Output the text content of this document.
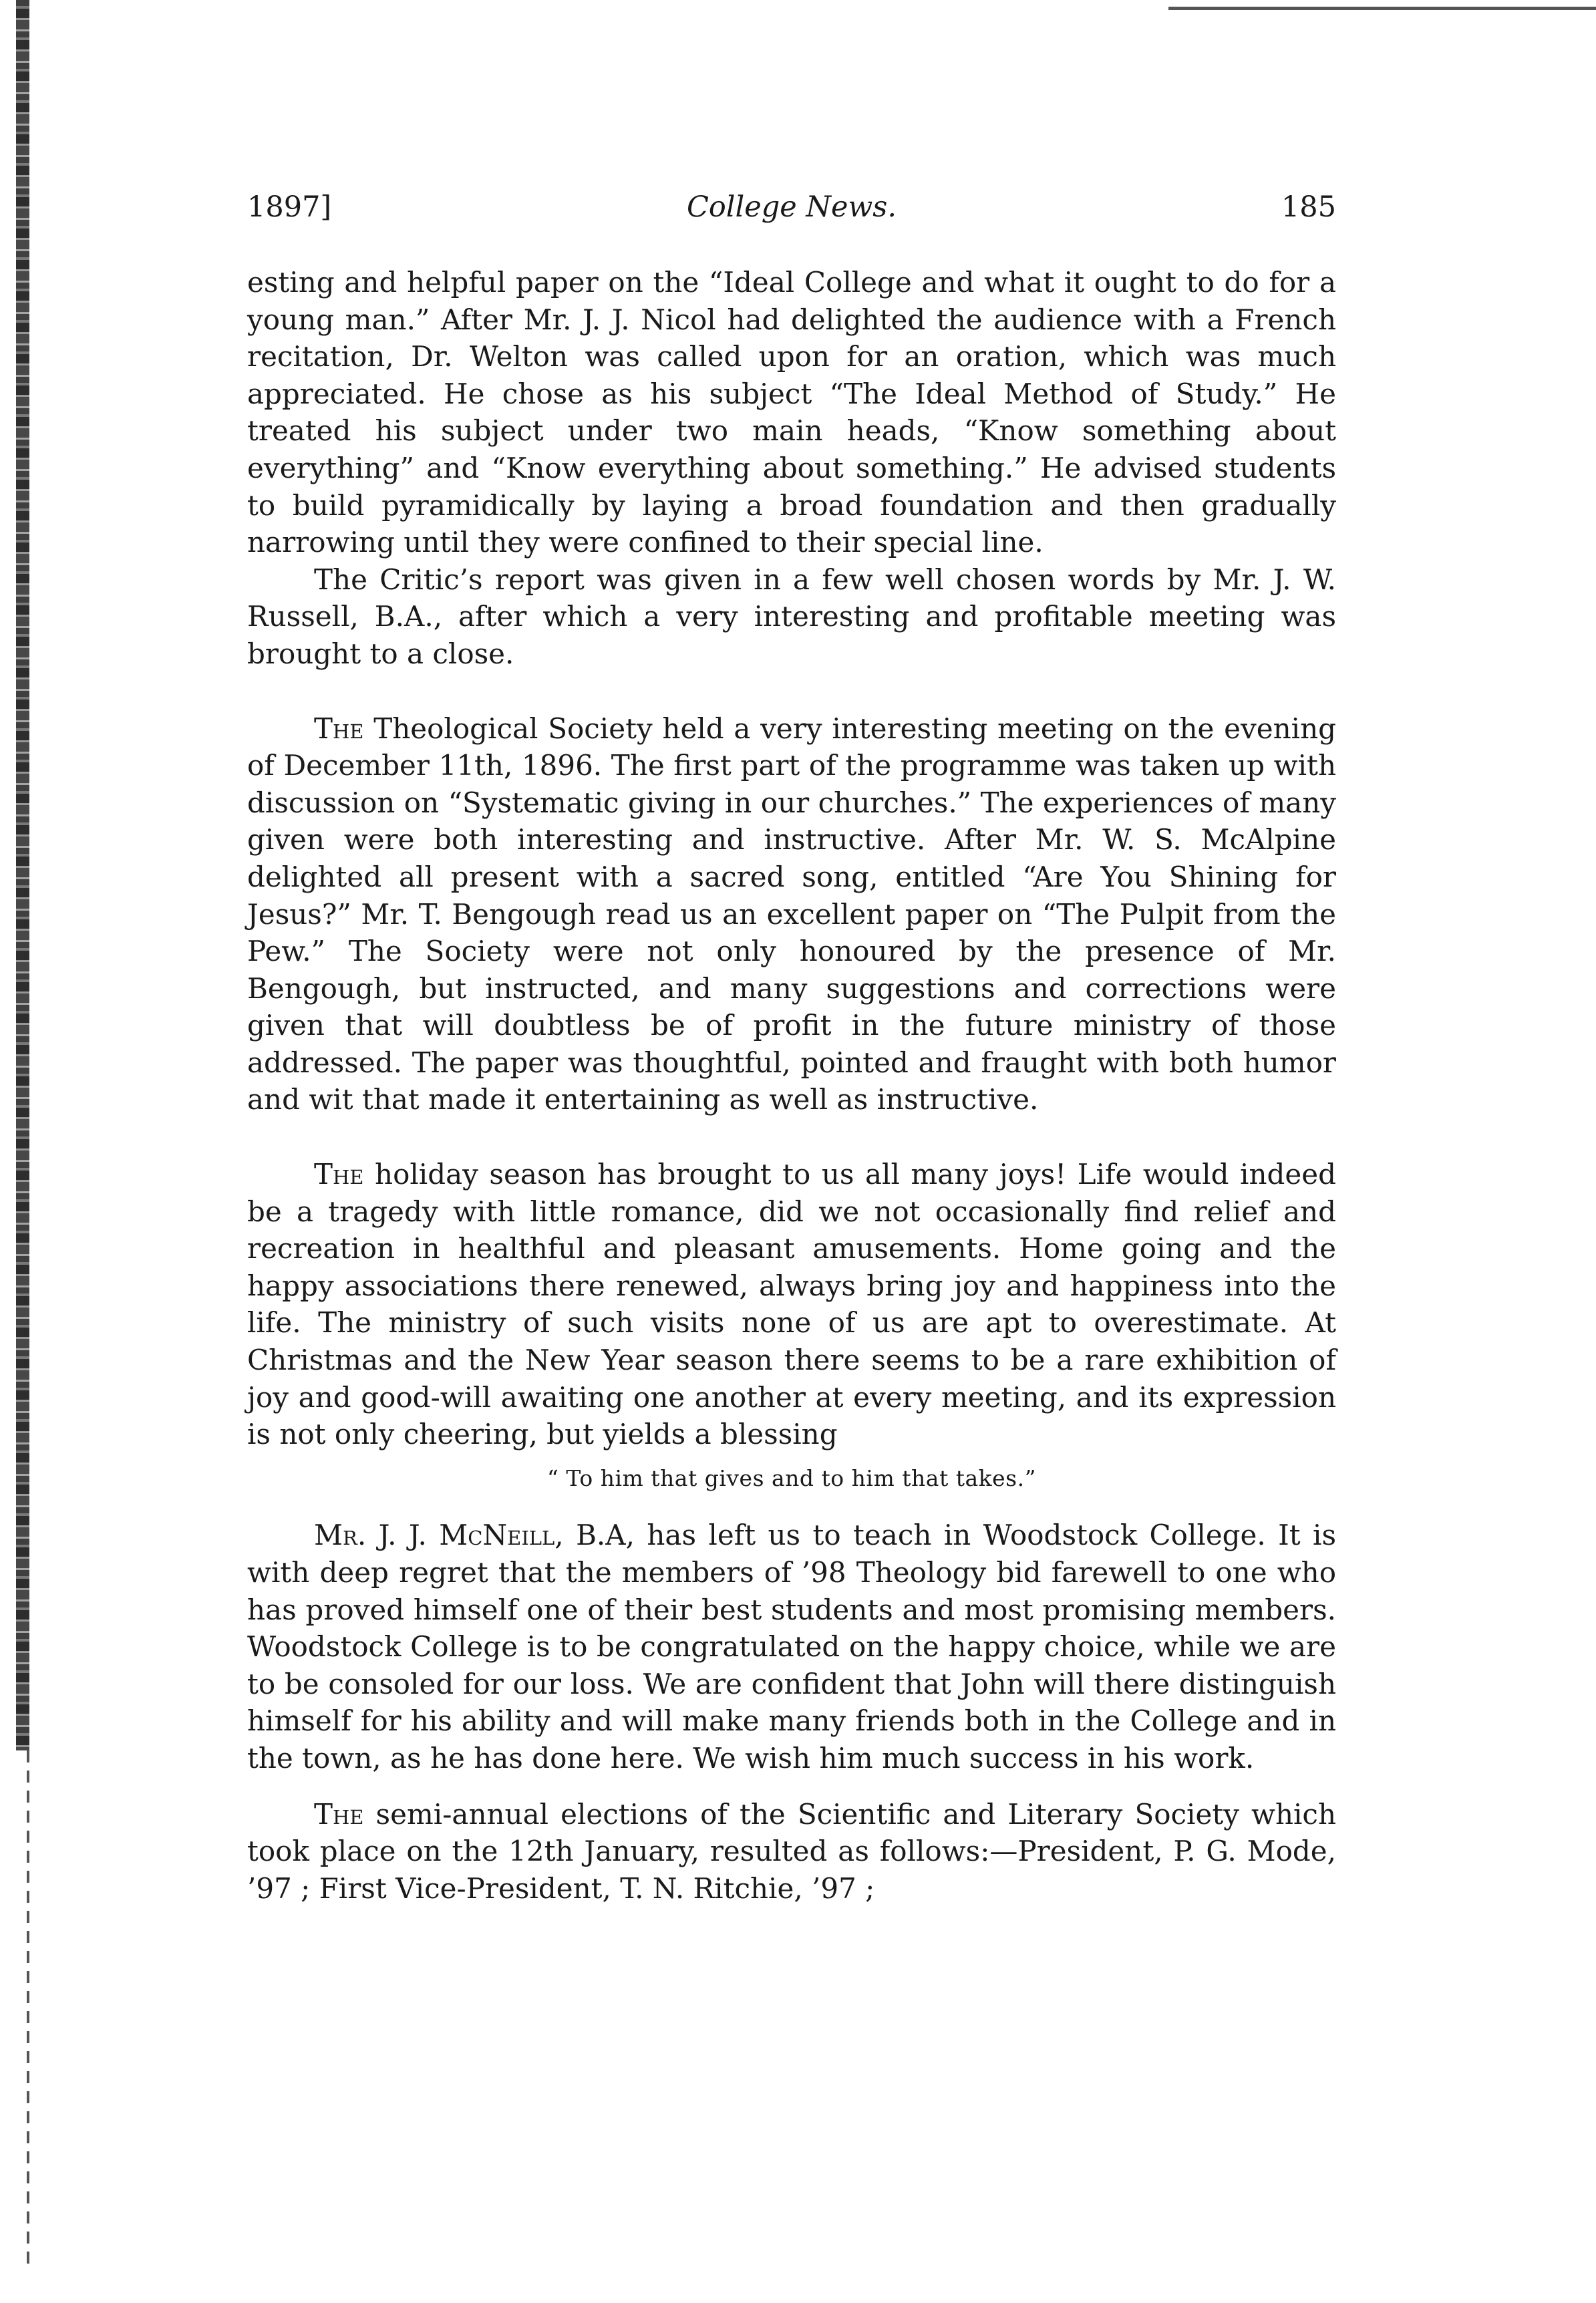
1897]	College News.	185

esting and helpful paper on the “Ideal College and what it ought to do for a young man.” After Mr. J. J. Nicol had delighted the audience with a French recitation, Dr. Welton was called upon for an oration, which was much appreciated. He chose as his subject “The Ideal Method of Study.” He treated his subject under two main heads, “Know something about everything” and “Know everything about something.” He advised students to build pyramidically by laying a broad foundation and then gradually narrowing until they were confined to their special line.

The Critic’s report was given in a few well chosen words by Mr. J. W. Russell, B.A., after which a very interesting and profitable meeting was brought to a close.

The Theological Society held a very interesting meeting on the evening of December 11th, 1896. The first part of the programme was taken up with discussion on “Systematic giving in our churches.” The experiences of many given were both interesting and instructive. After Mr. W. S. McAlpine delighted all present with a sacred song, entitled “Are You Shining for Jesus?” Mr. T. Bengough read us an excellent paper on “The Pulpit from the Pew.” The Society were not only honoured by the presence of Mr. Bengough, but instructed, and many suggestions and corrections were given that will doubtless be of profit in the future ministry of those addressed. The paper was thoughtful, pointed and fraught with both humor and wit that made it entertaining as well as instructive.

The holiday season has brought to us all many joys! Life would indeed be a tragedy with little romance, did we not occasionally find relief and recreation in healthful and pleasant amusements. Home going and the happy associations there renewed, always bring joy and happiness into the life. The ministry of such visits none of us are apt to overestimate. At Christmas and the New Year season there seems to be a rare exhibition of joy and good-will awaiting one another at every meeting, and its expression is not only cheering, but yields a blessing

“ To him that gives and to him that takes.”

Mr. J. J. McNeill, B.A, has left us to teach in Woodstock College. It is with deep regret that the members of ’98 Theology bid farewell to one who has proved himself one of their best students and most promising members. Woodstock College is to be congratulated on the happy choice, while we are to be consoled for our loss. We are confident that John will there distinguish himself for his ability and will make many friends both in the College and in the town, as he has done here. We wish him much success in his work.

The semi-annual elections of the Scientific and Literary Society which took place on the 12th January, resulted as follows:—President, P. G. Mode, ’97 ; First Vice-President, T. N. Ritchie, ’97 ;
